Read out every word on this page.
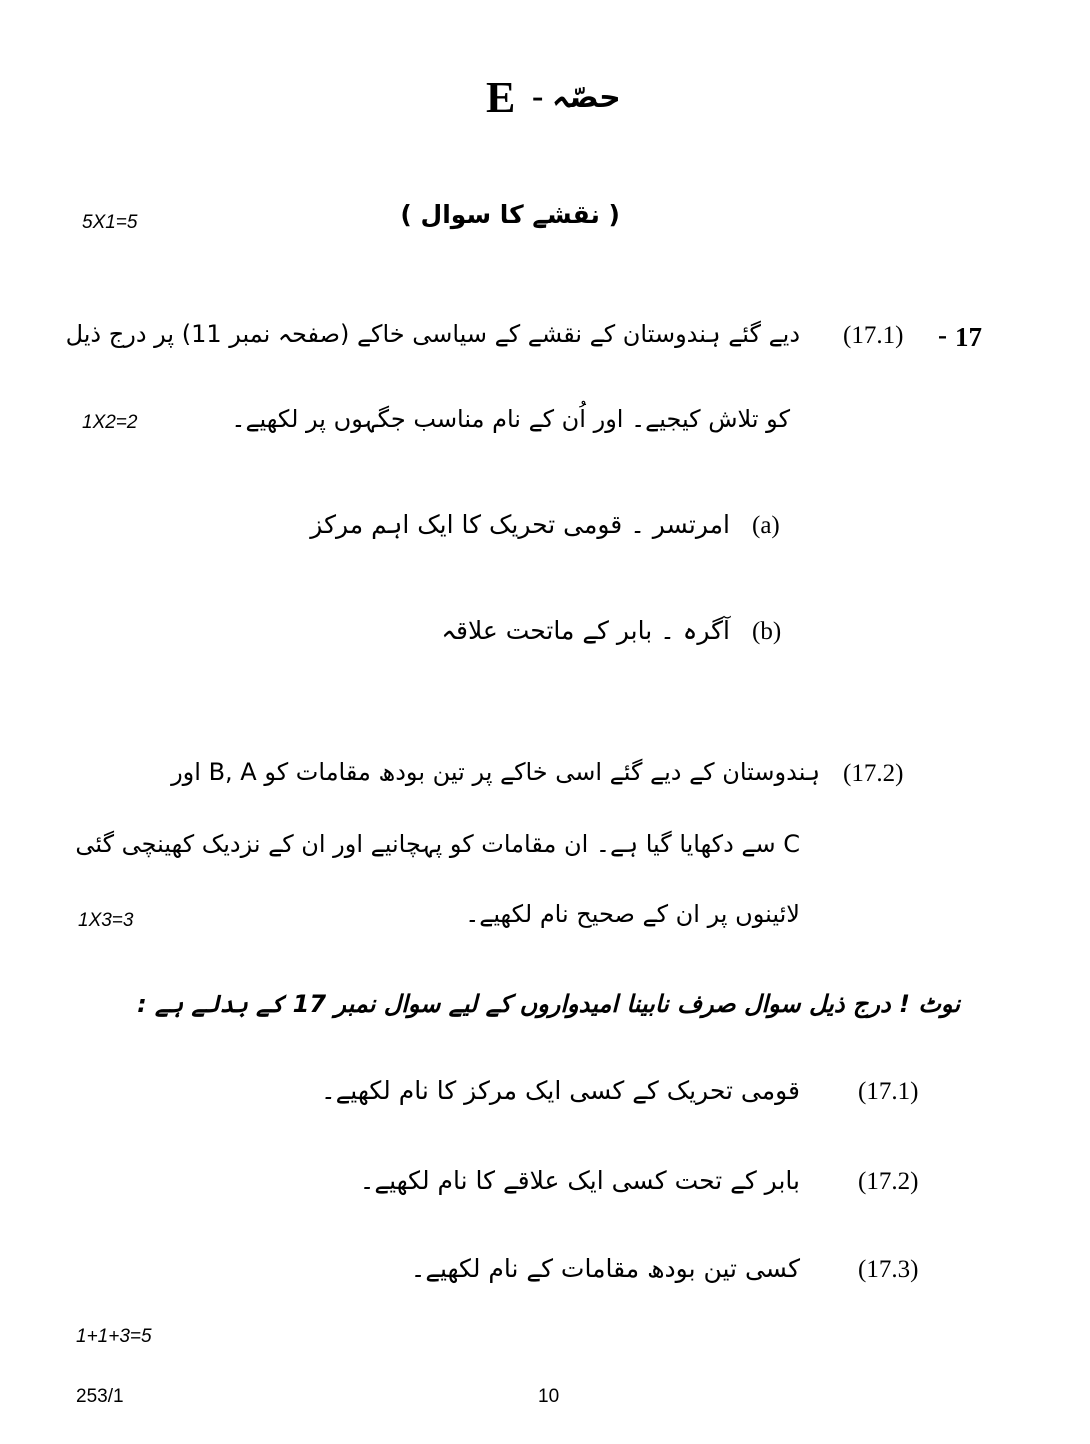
E - حصّہ
( نقشے کا سوال )
5X1=5
17
-
(17.1)
دیے گئے ہندوستان کے نقشے کے سیاسی خاکے (صفحہ نمبر 11) پر درج ذیل
کو تلاش کیجیے۔ اور اُن کے نام مناسب جگہوں پر لکھیے۔
1X2=2
(a)
امرتسر ۔ قومی تحریک کا ایک اہم مرکز
(b)
آگرہ ۔ بابر کے ماتحت علاقہ
(17.2)
ہندوستان کے دیے گئے اسی خاکے پر تین بودھ مقامات کو B, A اور
C سے دکھایا گیا ہے۔ ان مقامات کو پہچانیے اور ان کے نزدیک کھینچی گئی
لائینوں پر ان کے صحیح نام لکھیے۔
1X3=3
نوٹ ! درج ذیل سوال صرف نابینا امیدواروں کے لیے سوال نمبر 17 کے بدلے ہے :
(17.1)
قومی تحریک کے کسی ایک مرکز کا نام لکھیے۔
(17.2)
بابر کے تحت کسی ایک علاقے کا نام لکھیے۔
(17.3)
کسی تین بودھ مقامات کے نام لکھیے۔
1+1+3=5
253/1	10
